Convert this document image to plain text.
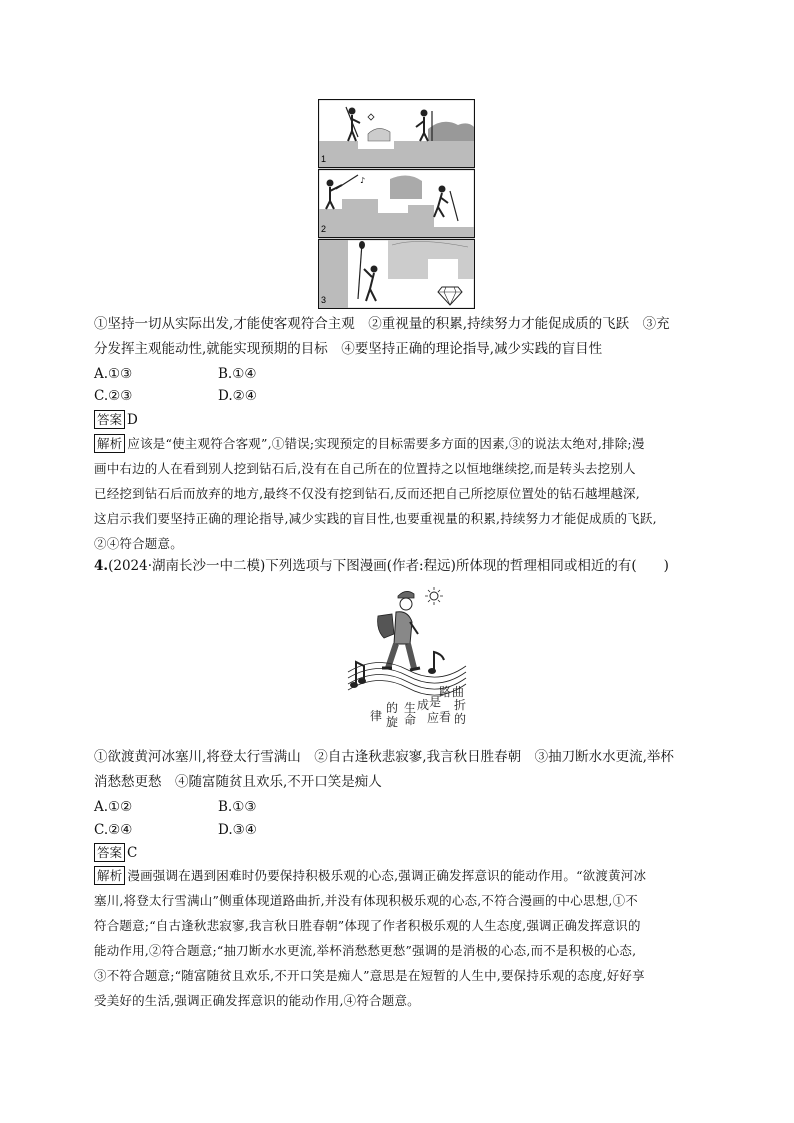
1
♪
2
3
①坚持一切从实际出发,才能使客观符合主观　②重视量的积累,持续努力才能促成质的飞跃　③充
分发挥主观能动性,就能实现预期的目标　④要坚持正确的理论指导,减少实践的盲目性
A.①③	B.①④
C.②③	D.②④
答案 D
解析 应该是“使主观符合客观”,①错误;实现预定的目标需要多方面的因素,③的说法太绝对,排除;漫
画中右边的人在看到别人挖到钻石后,没有在自己所在的位置持之以恒地继续挖,而是转头去挖别人
已经挖到钻石后而放弃的地方,最终不仅没有挖到钻石,反而还把自己所挖原位置处的钻石越埋越深,
这启示我们要坚持正确的理论指导,减少实践的盲目性,也要重视量的积累,持续努力才能促成质的飞跃,
②④符合题意。
4.(2024·湖南长沙一中二模)下列选项与下图漫画(作者:程远)所体现的哲理相同或相近的有(　　)
曲
折
的
路
看
是
应
成
生
命
的
旋
律
①欲渡黄河冰塞川,将登太行雪满山　②自古逢秋悲寂寥,我言秋日胜春朝　③抽刀断水水更流,举杯
消愁愁更愁　④随富随贫且欢乐,不开口笑是痴人
A.①②	B.①③
C.②④	D.③④
答案 C
解析 漫画强调在遇到困难时仍要保持积极乐观的心态,强调正确发挥意识的能动作用。“欲渡黄河冰
塞川,将登太行雪满山”侧重体现道路曲折,并没有体现积极乐观的心态,不符合漫画的中心思想,①不
符合题意;“自古逢秋悲寂寥,我言秋日胜春朝”体现了作者积极乐观的人生态度,强调正确发挥意识的
能动作用,②符合题意;“抽刀断水水更流,举杯消愁愁更愁”强调的是消极的心态,而不是积极的心态,
③不符合题意;“随富随贫且欢乐,不开口笑是痴人”意思是在短暂的人生中,要保持乐观的态度,好好享
受美好的生活,强调正确发挥意识的能动作用,④符合题意。
